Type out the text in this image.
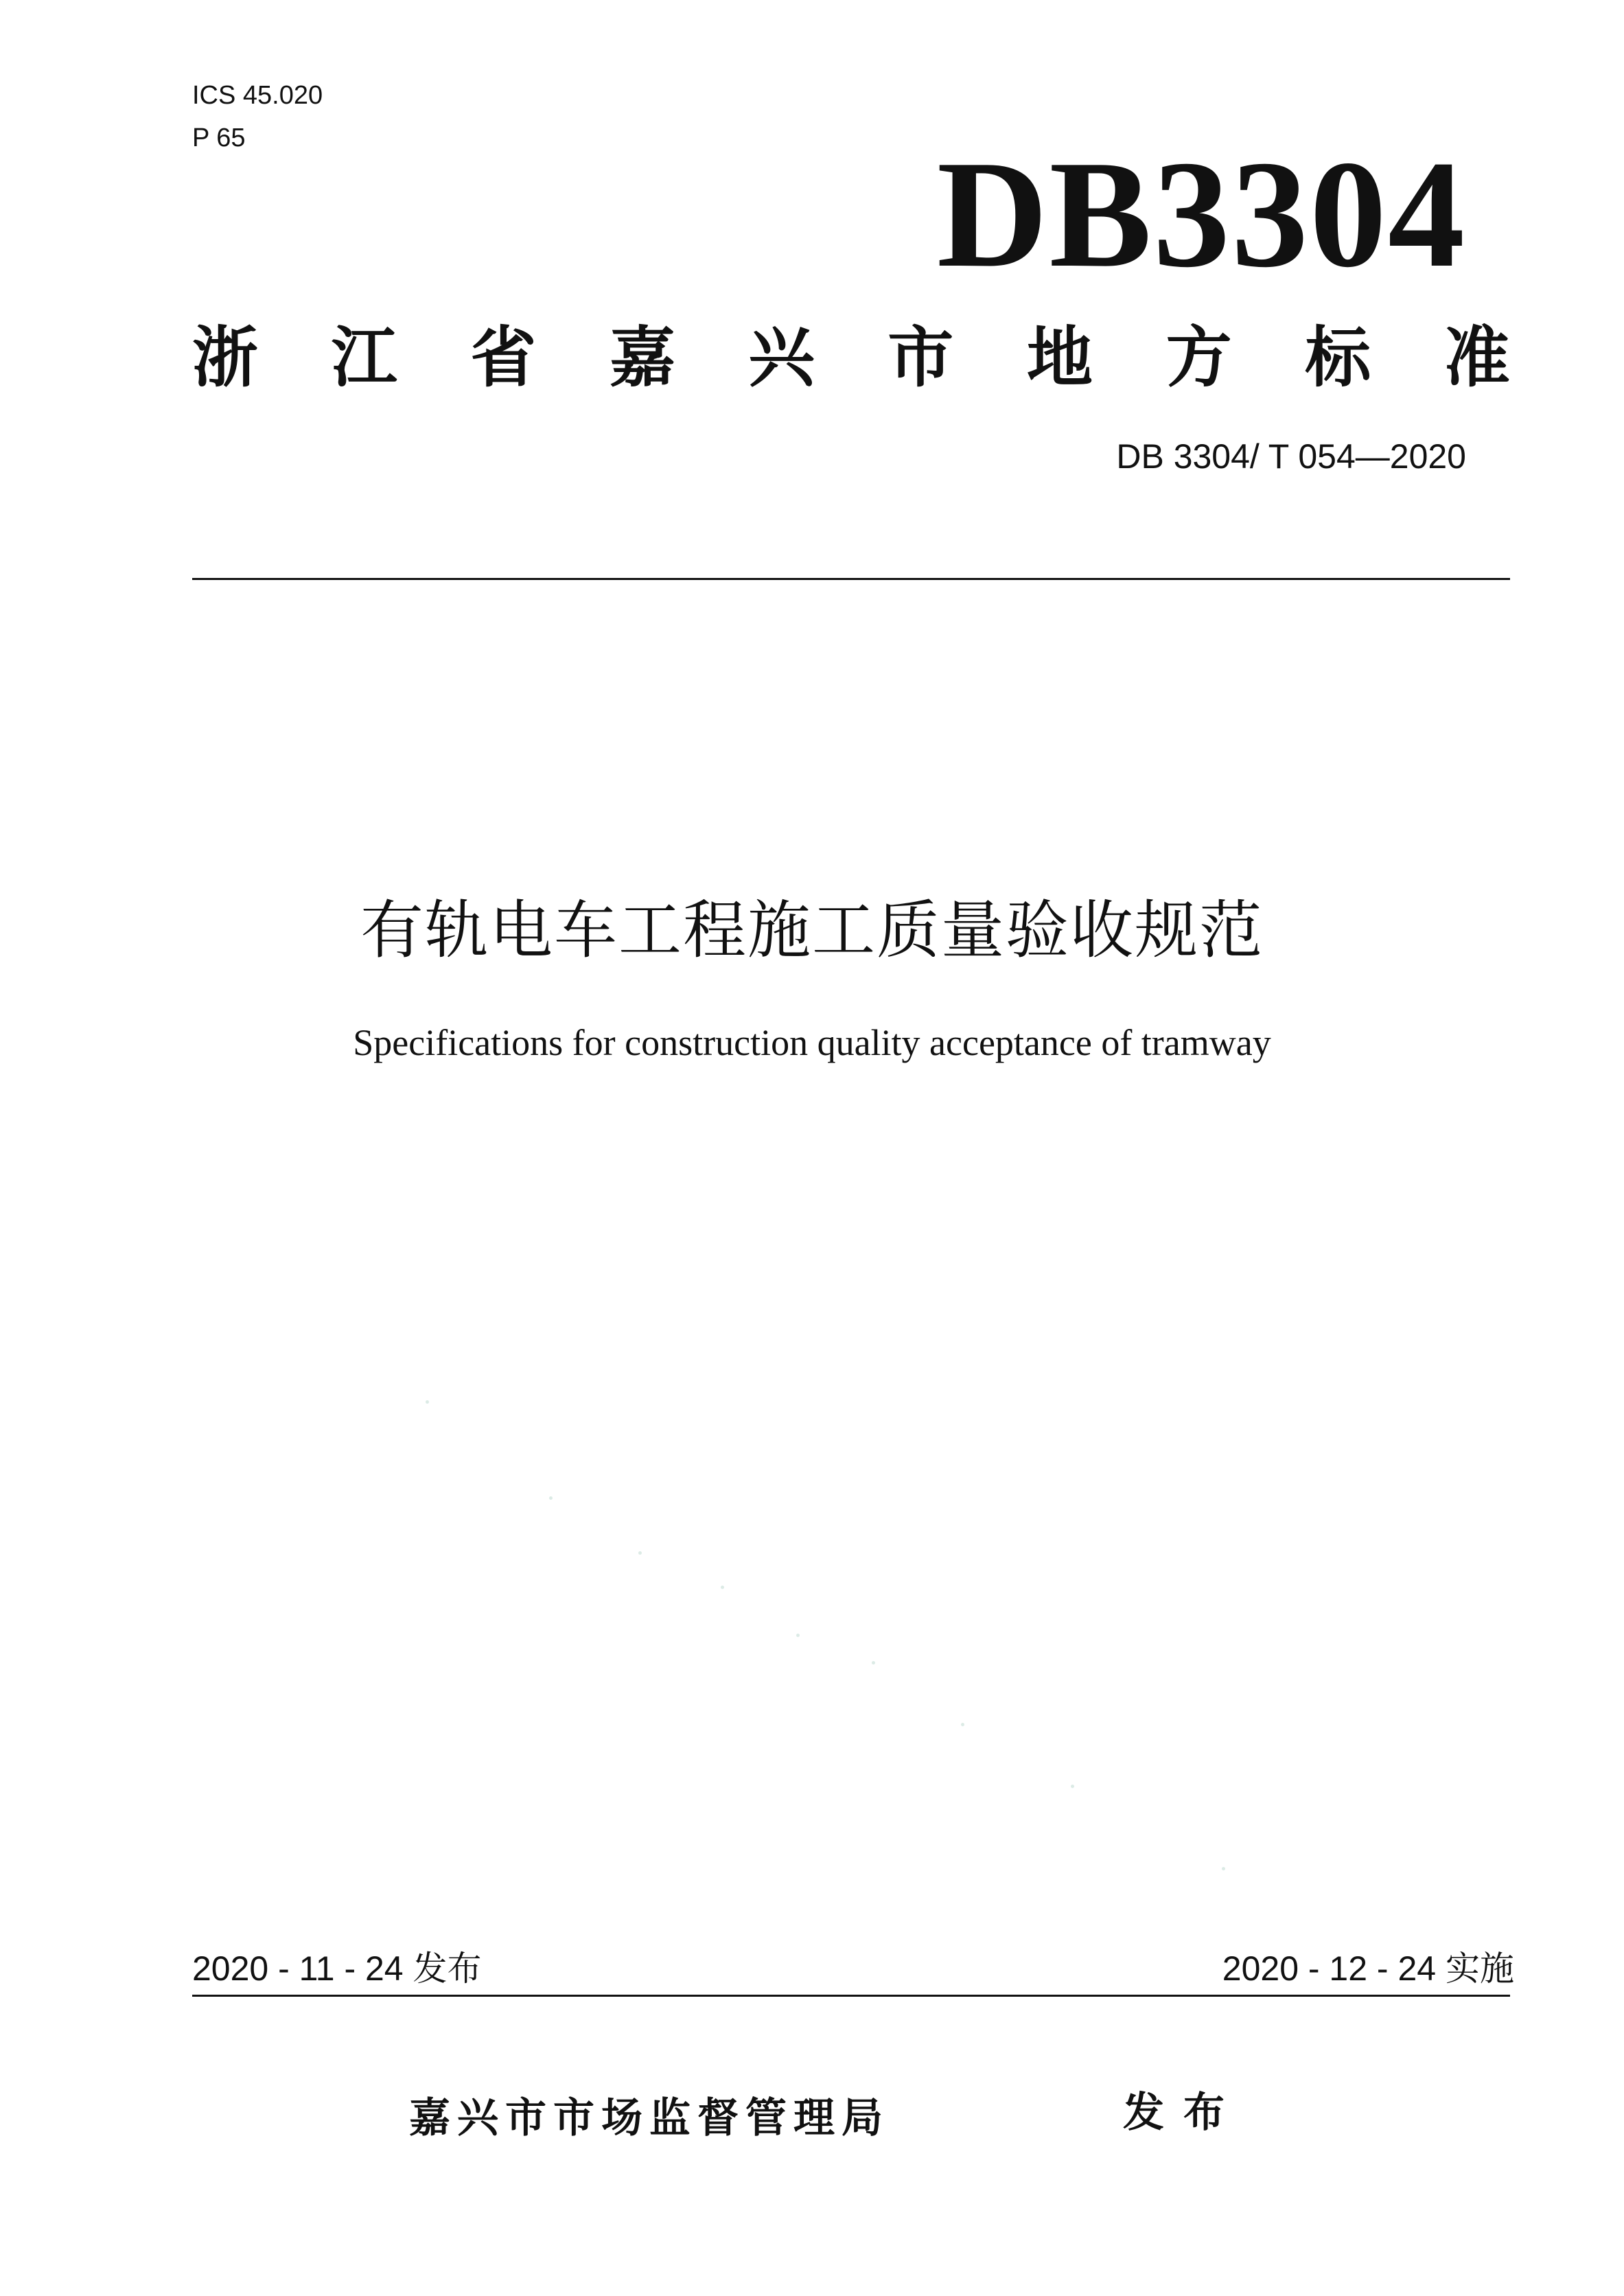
ICS 45.020
P 65	DB3304
浙 江 省 嘉 兴 市 地 方 标 准
DB 3304/ T 054—2020
有轨电车工程施工质量验收规范
Specifications for construction quality acceptance of tramway
2020 - 11 - 24 发布	2020 - 12 - 24 实施
嘉兴市市场监督管理局	发布
